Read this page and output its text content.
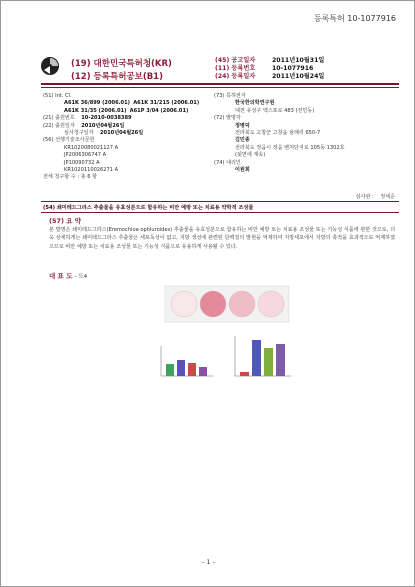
등록특허 10-1077916
(19) 대한민국특허청(KR)
(12) 등록특허공보(B1)
(45) 공고일자	2011년10월31일
(11) 등록번호	10-1077916
(24) 등록일자	2011년10월24일
(51) Int. Cl.
A61K 36/899 (2006.01) A61K 31/215 (2006.01)
A61K 31/35 (2006.01) A61P 3/04 (2006.01)
(21) 출원번호 10-2010-0038389
(22) 출원일자 2010년04월26일
심사청구일자 2010년04월26일
(56) 선행기술조사문헌
KR1020080021127 A
JP2006306747 A
JP10090732 A
KR1020110026271 A
전체 청구항 수 : 총 6 항
(73) 특허권자
한국한의학연구원
대전 유성구 엑스포로 483 (전민동)
(72) 발명자
정병덕
전라북도 고창군 고창읍 율례리 650-7
김민종
전라북도 정읍시 정읍 벤처단지로 105동 1302호
(뒷면에 계속)
(74) 대리인
이원희
심사관 : 정세준
(54) 쇄미레드그라스 추출물을 유효성분으로 함유하는 비만 예방 또는 치료용 약학적 조성물
(57) 요 약
본 발명은 쇄미레드그라스(Eremochloa ophiuroides) 추출물을 유효성분으로 함유하는 비만 예방 또는 치료용 조성물 또는 기능성 식품에 관한 것으로, 더욱 상세하게는 쇄미레드그라스 추출물은 세포독성이 없고, 지방 생성에 관련된 단백질의 발현을 억제하여 지방세포에서 지방의 축적을 효과적으로 억제하였으므로 비만 예방 또는 치료용 조성물 또는 기능성 식품으로 유용하게 사용될 수 있다.
대 표 도 - 도4
- 1 -
